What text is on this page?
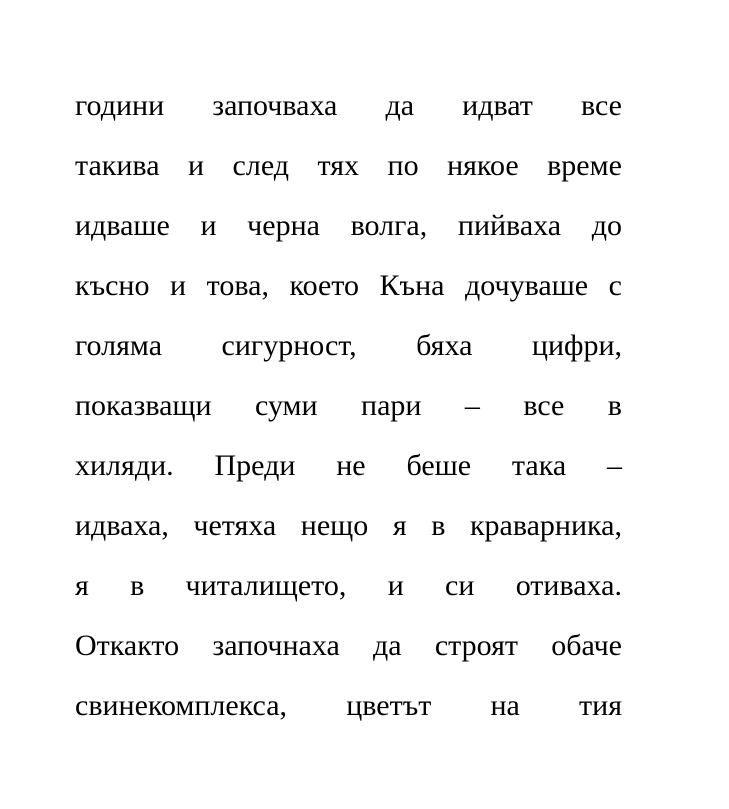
години започваха да идват все
такива и след тях по някое време
идваше и черна волга, пийваха до
късно и това, което Къна дочуваше с
голяма сигурност, бяха цифри,
показващи суми пари – все в
хиляди. Преди не беше така –
идваха, четяха нещо я в краварника,
я в читалището, и си отиваха.
Откакто започнаха да строят обаче
свинекомплекса, цветът на тия
